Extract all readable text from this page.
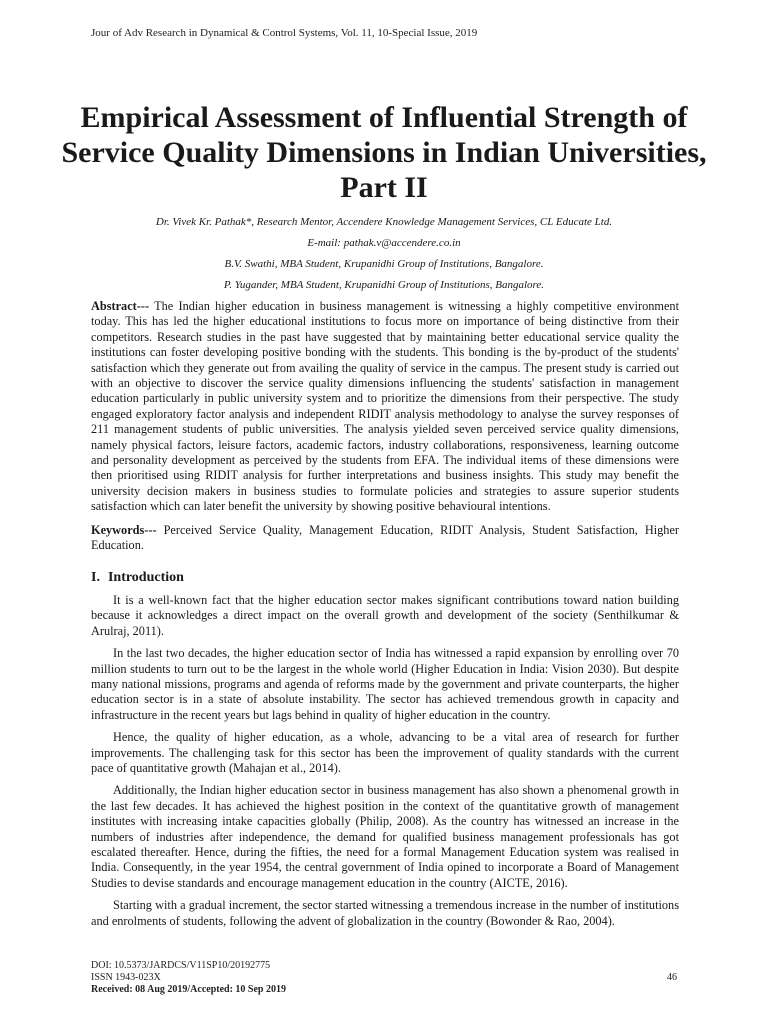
Jour of Adv Research in Dynamical & Control Systems, Vol. 11, 10-Special Issue, 2019
Empirical Assessment of Influential Strength of Service Quality Dimensions in Indian Universities, Part II
Dr. Vivek Kr. Pathak*, Research Mentor, Accendere Knowledge Management Services, CL Educate Ltd.
E-mail: pathak.v@accendere.co.in
B.V. Swathi, MBA Student, Krupanidhi Group of Institutions, Bangalore.
P. Yugander, MBA Student, Krupanidhi Group of Institutions, Bangalore.

Abstract--- The Indian higher education in business management is witnessing a highly competitive environment today. This has led the higher educational institutions to focus more on importance of being distinctive from their competitors. Research studies in the past have suggested that by maintaining better educational service quality the institutions can foster developing positive bonding with the students. This bonding is the by-product of the students' satisfaction which they generate out from availing the quality of service in the campus. The present study is carried out with an objective to discover the service quality dimensions influencing the students' satisfaction in management education particularly in public university system and to prioritize the dimensions from their perspective. The study engaged exploratory factor analysis and independent RIDIT analysis methodology to analyse the survey responses of 211 management students of public universities. The analysis yielded seven perceived service quality dimensions, namely physical factors, leisure factors, academic factors, industry collaborations, responsiveness, learning outcome and personality development as perceived by the students from EFA. The individual items of these dimensions were then prioritised using RIDIT analysis for further interpretations and business insights. This study may benefit the university decision makers in business studies to formulate policies and strategies to assure superior students satisfaction which can later benefit the university by showing positive behavioural intentions.

Keywords--- Perceived Service Quality, Management Education, RIDIT Analysis, Student Satisfaction, Higher Education.

I. Introduction

It is a well-known fact that the higher education sector makes significant contributions toward nation building because it acknowledges a direct impact on the overall growth and development of the society (Senthilkumar & Arulraj, 2011).

In the last two decades, the higher education sector of India has witnessed a rapid expansion by enrolling over 70 million students to turn out to be the largest in the whole world (Higher Education in India: Vision 2030). But despite many national missions, programs and agenda of reforms made by the government and private counterparts, the higher education sector is in a state of absolute instability. The sector has achieved tremendous growth in capacity and infrastructure in the recent years but lags behind in quality of higher education in the country.

Hence, the quality of higher education, as a whole, advancing to be a vital area of research for further improvements. The challenging task for this sector has been the improvement of quality standards with the current pace of quantitative growth (Mahajan et al., 2014).

Additionally, the Indian higher education sector in business management has also shown a phenomenal growth in the last few decades. It has achieved the highest position in the context of the quantitative growth of management institutes with increasing intake capacities globally (Philip, 2008). As the country has witnessed an increase in the numbers of industries after independence, the demand for qualified business management professionals has got escalated thereafter. Hence, during the fifties, the need for a formal Management Education system was realised in India. Consequently, in the year 1954, the central government of India opined to incorporate a Board of Management Studies to devise standards and encourage management education in the country (AICTE, 2016).

Starting with a gradual increment, the sector started witnessing a tremendous increase in the number of institutions and enrolments of students, following the advent of globalization in the country (Bowonder & Rao, 2004).

DOI: 10.5373/JARDCS/V11SP10/20192775
ISSN 1943-023X
Received: 08 Aug 2019/Accepted: 10 Sep 2019
46
